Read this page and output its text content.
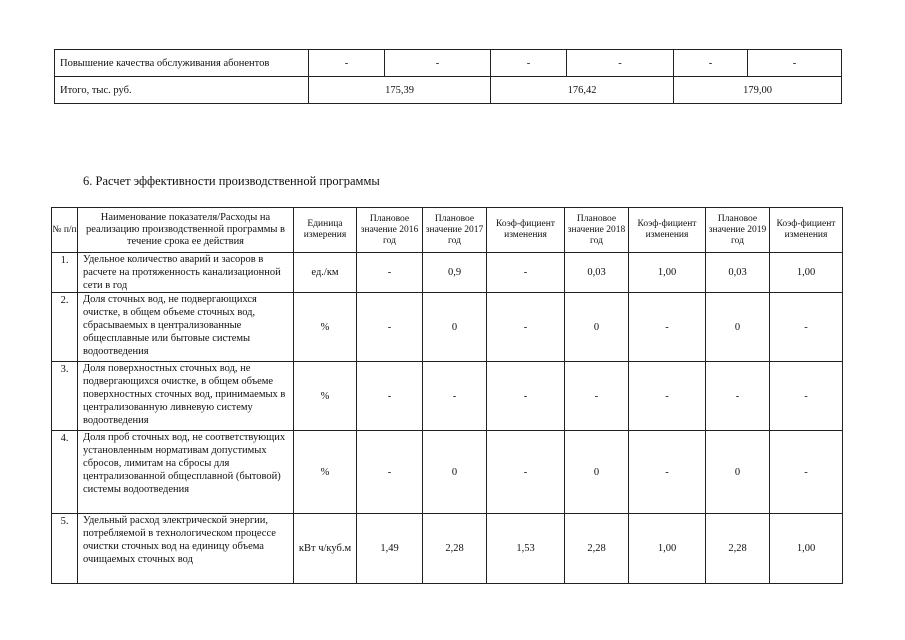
Повышение качества обслуживания абонентов	-	-	-	-	-	-
Итого, тыс. руб.	175,39		176,42		179,00	
6. Расчет эффективности производственной программы
№ п/п	Наименование показателя/Расходы на реализацию производственной программы в течение срока ее действия	Единица измерения	Плановое значение 2016 год	Плановое значение 2017 год	Коэф-фициент изменения	Плановое значение 2018 год	Коэф-фициент изменения	Плановое значение 2019 год	Коэф-фициент изменения
1.	Удельное количество аварий и засоров в расчете на протяженность канализационной сети в год	ед./км	-	0,9	-	0,03	1,00	0,03	1,00
2.	Доля сточных вод, не подвергающихся очистке, в общем объеме сточных вод, сбрасываемых в централизованные общесплавные или бытовые системы водоотведения	%	-	0	-	0	-	0	-
3.	Доля поверхностных сточных вод, не подвергающихся очистке, в общем объеме поверхностных сточных вод, принимаемых в централизованную ливневую систему водоотведения	%	-	-	-	-	-	-	-
4.	Доля проб сточных вод, не соответствующих установленным нормативам допустимых сбросов, лимитам на сбросы для централизованной общесплавной (бытовой) системы водоотведения	%	-	0	-	0	-	0	-
5.	Удельный расход электрической энергии, потребляемой в технологическом процессе очистки сточных вод на единицу объема очищаемых сточных вод	кВт ч/куб.м	1,49	2,28	1,53	2,28	1,00	2,28	1,00
